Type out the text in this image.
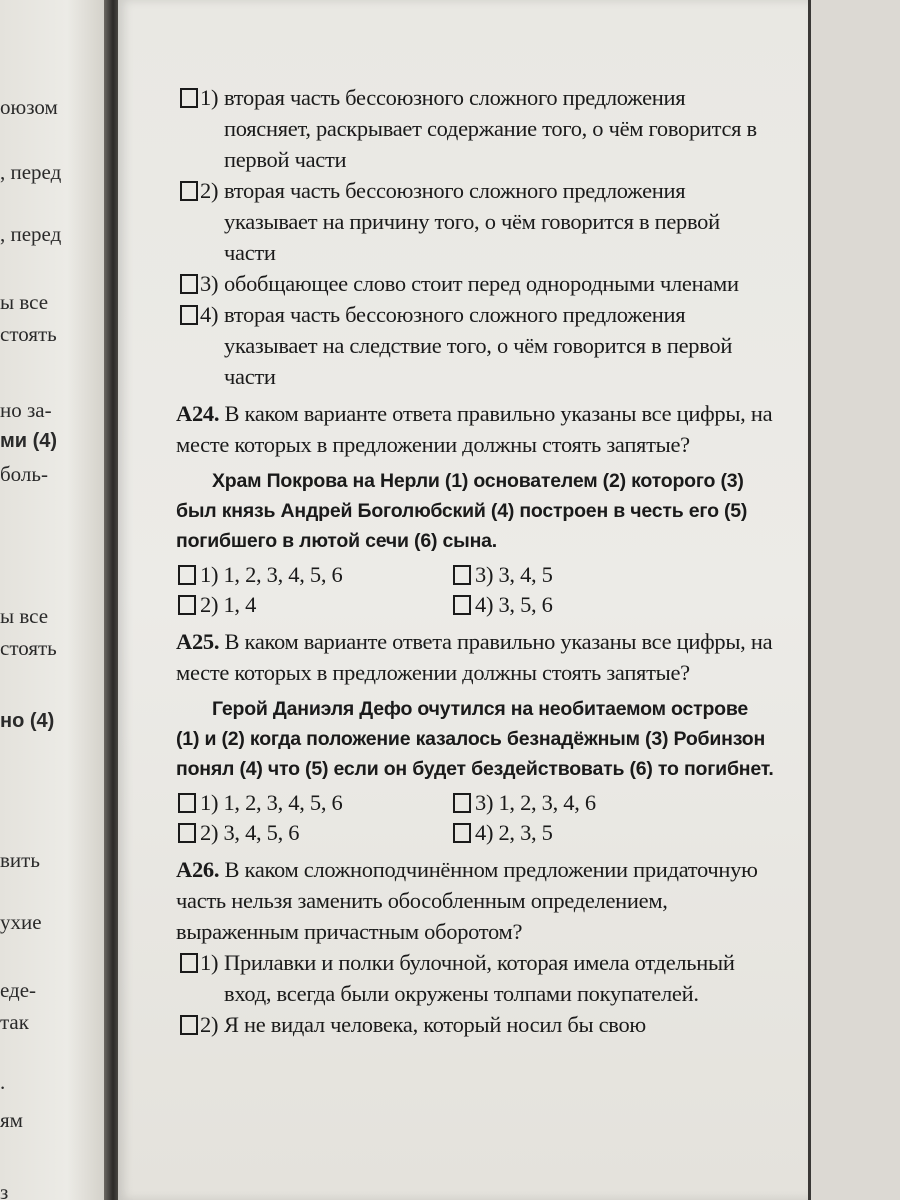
оюзом
, перед
, перед
ы все
стоять
но за-
ми (4)
боль-
ы все
стоять
но (4)
вить
ухие
еде-
так
.
ям
з
1) вторая часть бессоюзного сложного предложения поясняет, раскрывает содержание того, о чём говорится в первой части
2) вторая часть бессоюзного сложного предложения указывает на причину того, о чём говорится в первой части
3) обобщающее слово стоит перед однородными членами
4) вторая часть бессоюзного сложного предложения указывает на следствие того, о чём говорится в первой части
А24. В каком варианте ответа правильно указаны все цифры, на месте которых в предложении должны стоять запятые?
Храм Покрова на Нерли (1) основателем (2) которого (3) был князь Андрей Боголюбский (4) построен в честь его (5) погибшего в лютой сечи (6) сына.
1) 1, 2, 3, 4, 5, 6	3) 3, 4, 5
2) 1, 4	4) 3, 5, 6
А25. В каком варианте ответа правильно указаны все цифры, на месте которых в предложении должны стоять запятые?
Герой Даниэля Дефо очутился на необитаемом острове (1) и (2) когда положение казалось безнадёжным (3) Робинзон понял (4) что (5) если он будет бездействовать (6) то погибнет.
1) 1, 2, 3, 4, 5, 6	3) 1, 2, 3, 4, 6
2) 3, 4, 5, 6	4) 2, 3, 5
А26. В каком сложноподчинённом предложении придаточную часть нельзя заменить обособленным определением, выраженным причастным оборотом?
1) Прилавки и полки булочной, которая имела отдельный вход, всегда были окружены толпами покупателей.
2) Я не видал человека, который носил бы свою
